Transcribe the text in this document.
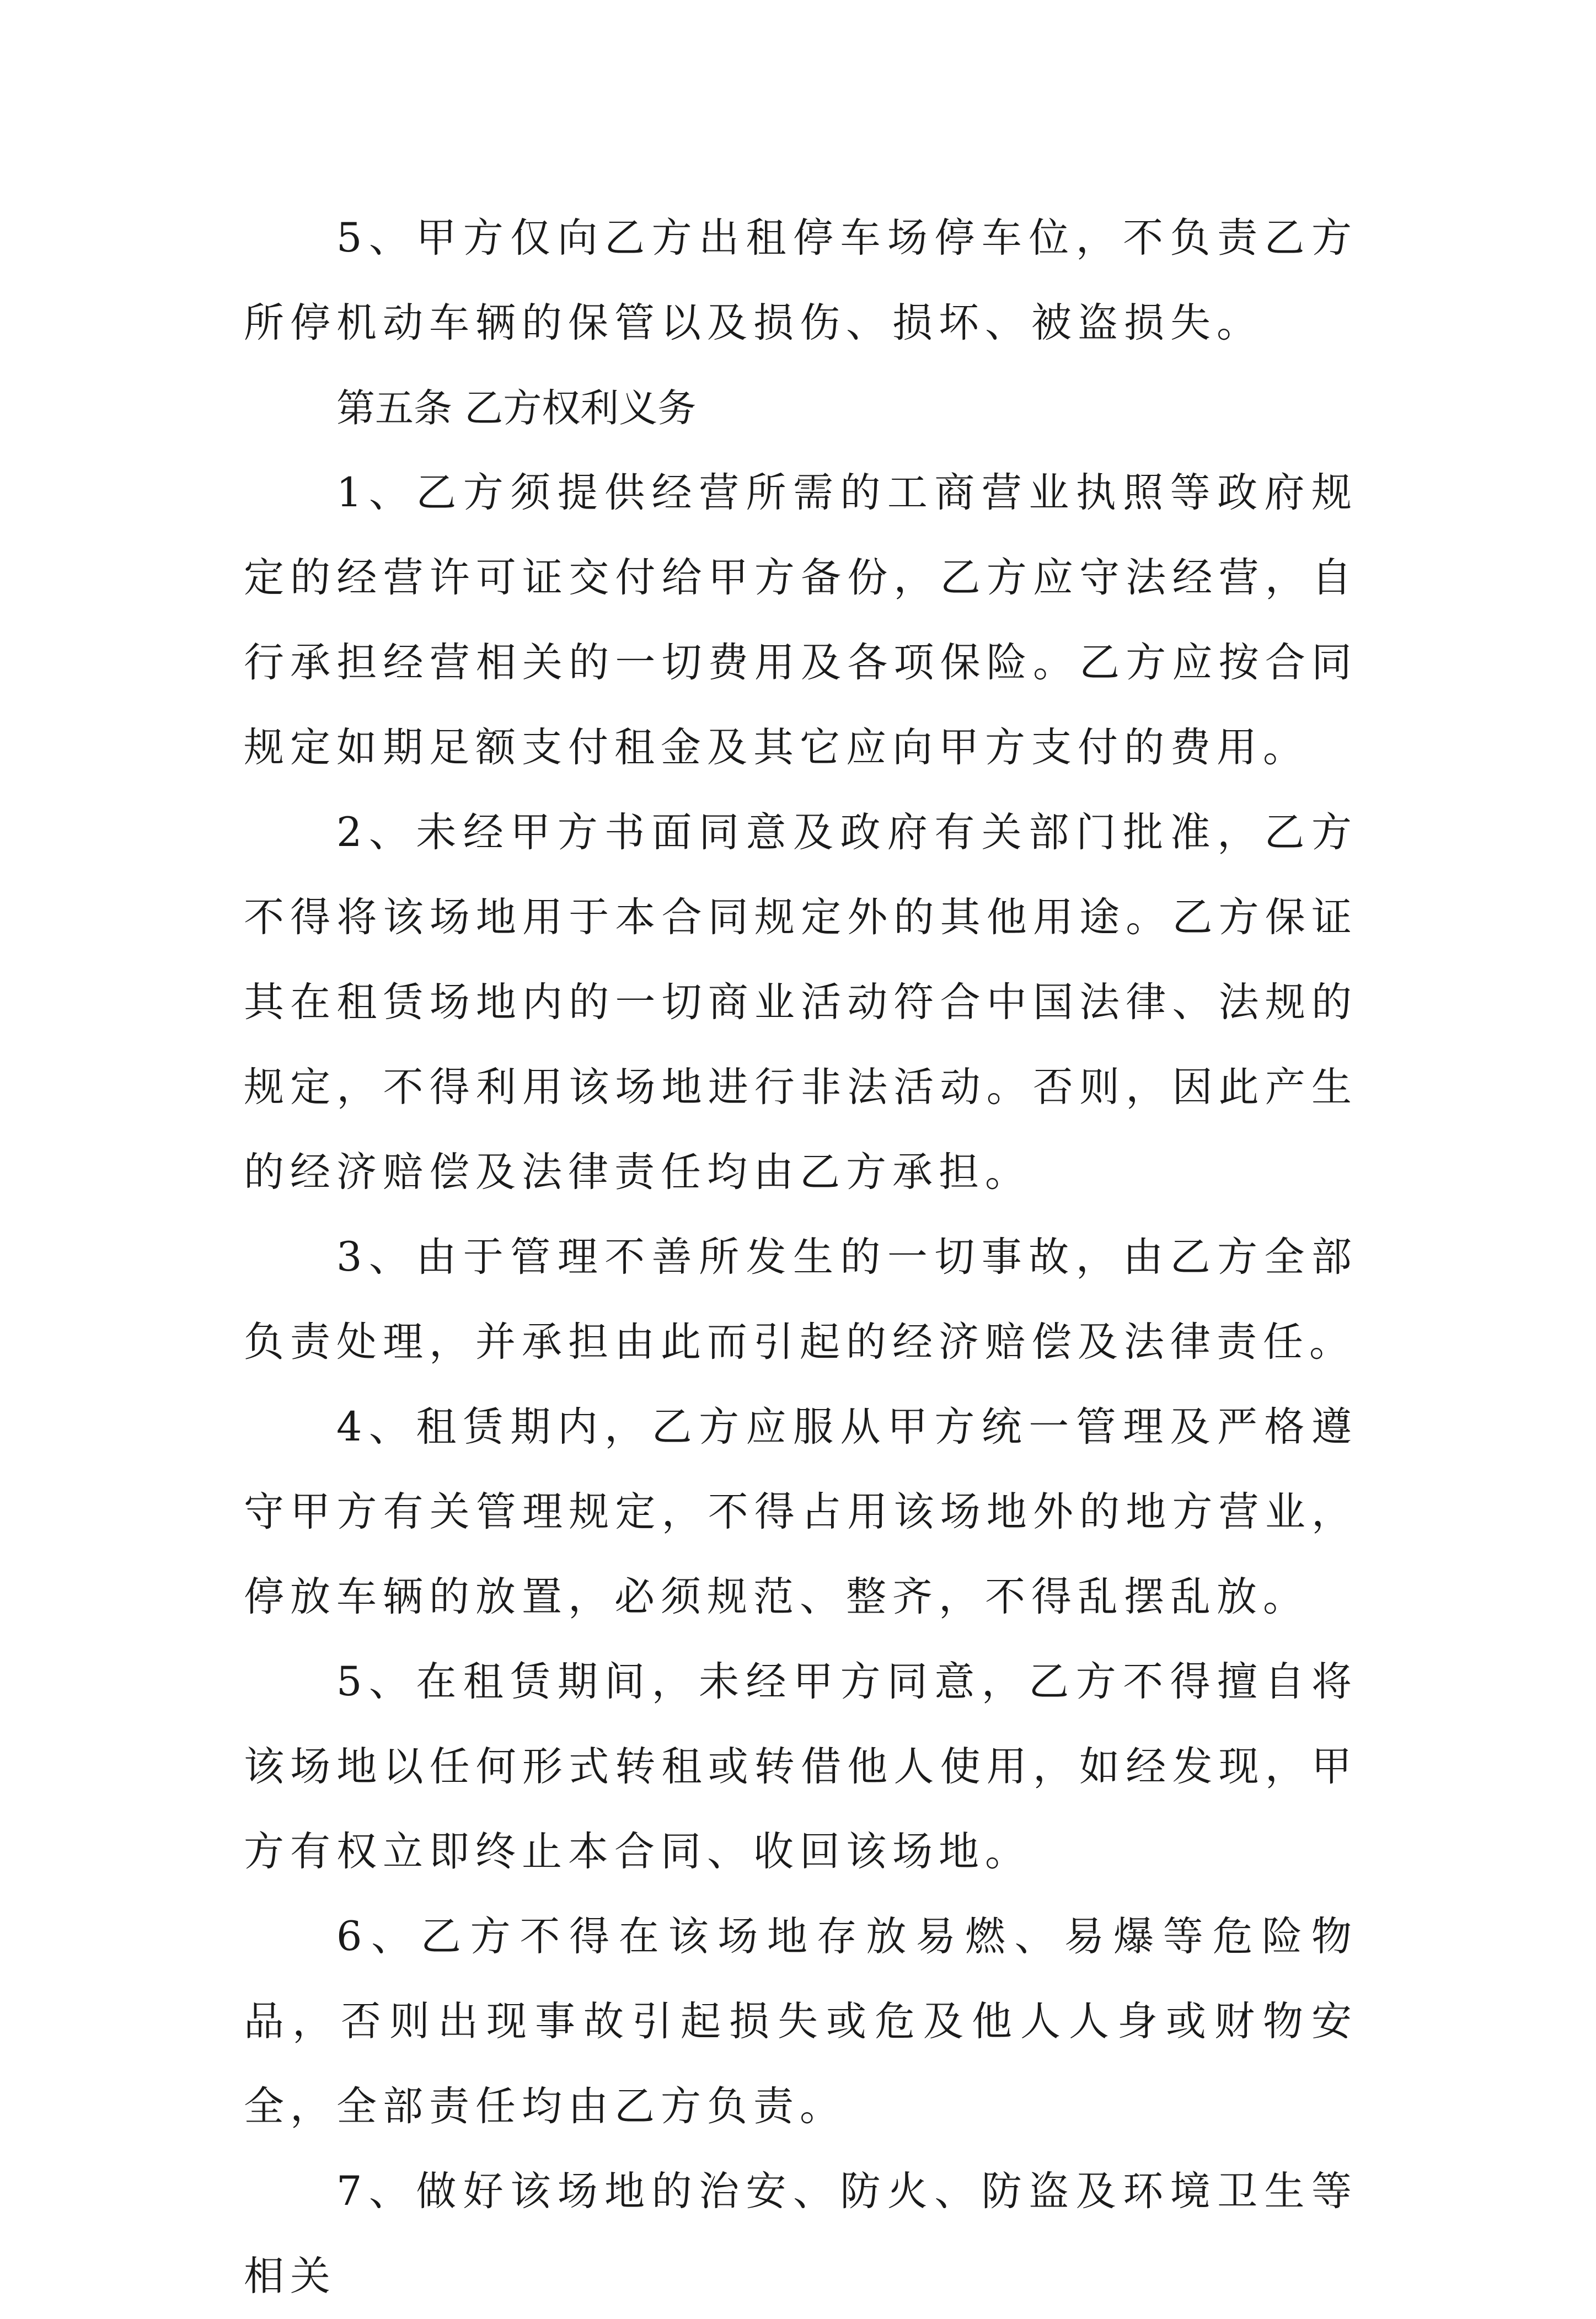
5、甲方仅向乙方出租停车场停车位，不负责乙方所停机动车辆的保管以及损伤、损坏、被盗损失。

第五条 乙方权利义务

1、乙方须提供经营所需的工商营业执照等政府规定的经营许可证交付给甲方备份，乙方应守法经营，自行承担经营相关的一切费用及各项保险。乙方应按合同规定如期足额支付租金及其它应向甲方支付的费用。

2、未经甲方书面同意及政府有关部门批准，乙方不得将该场地用于本合同规定外的其他用途。乙方保证其在租赁场地内的一切商业活动符合中国法律、法规的规定，不得利用该场地进行非法活动。否则，因此产生的经济赔偿及法律责任均由乙方承担。

3、由于管理不善所发生的一切事故，由乙方全部负责处理，并承担由此而引起的经济赔偿及法律责任。

4、租赁期内，乙方应服从甲方统一管理及严格遵守甲方有关管理规定，不得占用该场地外的地方营业，停放车辆的放置，必须规范、整齐，不得乱摆乱放。

5、在租赁期间，未经甲方同意，乙方不得擅自将该场地以任何形式转租或转借他人使用，如经发现，甲方有权立即终止本合同、收回该场地。

6、乙方不得在该场地存放易燃、易爆等危险物品，否则出现事故引起损失或危及他人人身或财物安全，全部责任均由乙方负责。

7、做好该场地的治安、防火、防盗及环境卫生等相关
